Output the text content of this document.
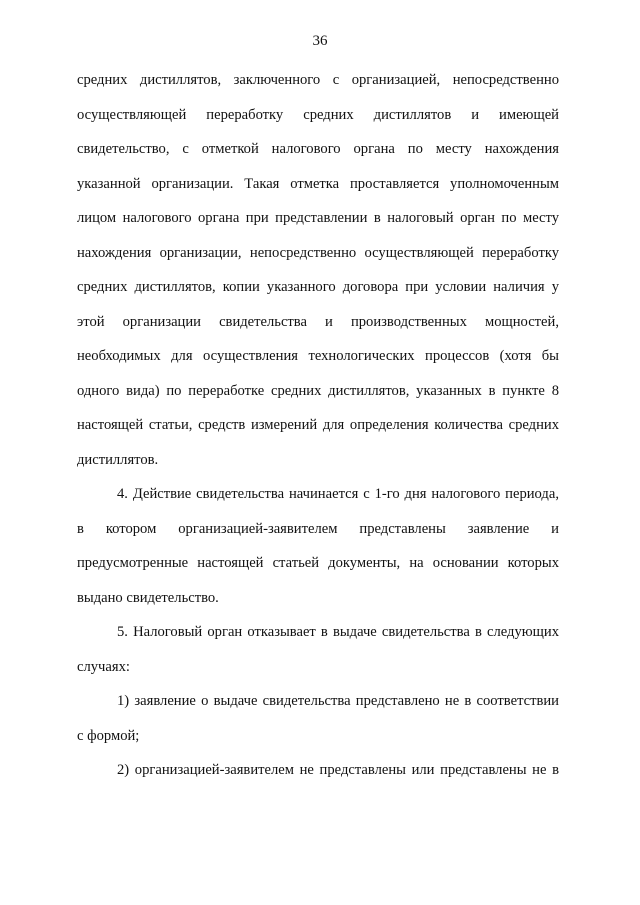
36
средних дистиллятов, заключенного с организацией, непосредственно
осуществляющей переработку средних дистиллятов и имеющей
свидетельство, с отметкой налогового органа по месту нахождения
указанной организации. Такая отметка проставляется уполномоченным
лицом налогового органа при представлении в налоговый орган по месту
нахождения организации, непосредственно осуществляющей переработку
средних дистиллятов, копии указанного договора при условии наличия у
этой организации свидетельства и производственных мощностей,
необходимых для осуществления технологических процессов (хотя бы
одного вида) по переработке средних дистиллятов, указанных в пункте 8
настоящей статьи, средств измерений для определения количества средних
дистиллятов.
4. Действие свидетельства начинается с 1-го дня налогового периода,
в котором организацией-заявителем представлены заявление и
предусмотренные настоящей статьей документы, на основании которых
выдано свидетельство.
5. Налоговый орган отказывает в выдаче свидетельства в следующих
случаях:
1) заявление о выдаче свидетельства представлено не в соответствии
с формой;
2) организацией-заявителем не представлены или представлены не в
